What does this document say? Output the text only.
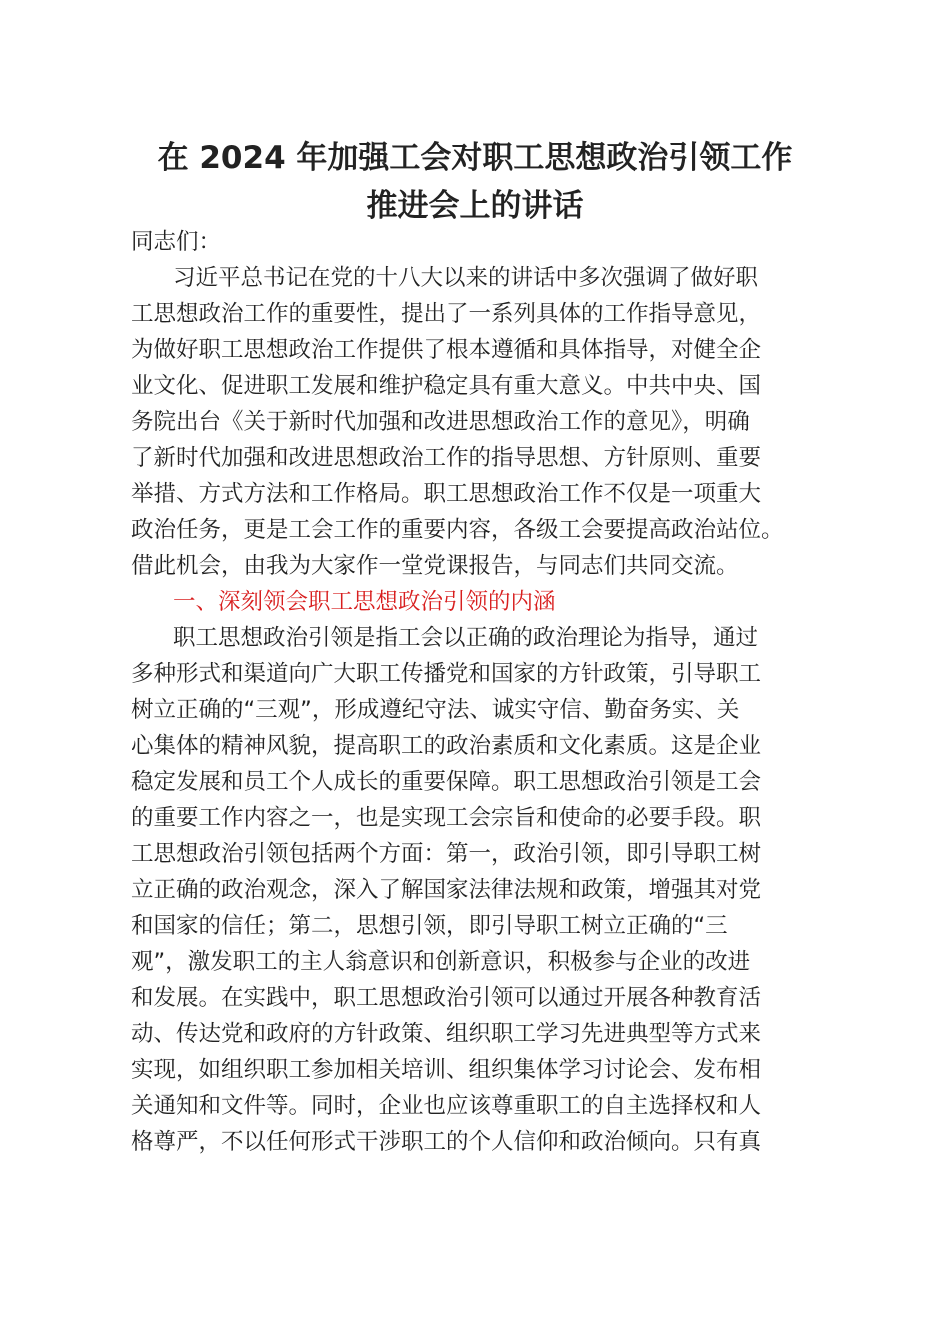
在 2024 年加强工会对职工思想政治引领工作
推进会上的讲话
同志们：
习近平总书记在党的十八大以来的讲话中多次强调了做好职
工思想政治工作的重要性，提出了一系列具体的工作指导意见，
为做好职工思想政治工作提供了根本遵循和具体指导，对健全企
业文化、促进职工发展和维护稳定具有重大意义。中共中央、国
务院出台《关于新时代加强和改进思想政治工作的意见》，明确
了新时代加强和改进思想政治工作的指导思想、方针原则、重要
举措、方式方法和工作格局。职工思想政治工作不仅是一项重大
政治任务，更是工会工作的重要内容，各级工会要提高政治站位。
借此机会，由我为大家作一堂党课报告，与同志们共同交流。
一、深刻领会职工思想政治引领的内涵
职工思想政治引领是指工会以正确的政治理论为指导，通过
多种形式和渠道向广大职工传播党和国家的方针政策，引导职工
树立正确的“三观”，形成遵纪守法、诚实守信、勤奋务实、关
心集体的精神风貌，提高职工的政治素质和文化素质。这是企业
稳定发展和员工个人成长的重要保障。职工思想政治引领是工会
的重要工作内容之一，也是实现工会宗旨和使命的必要手段。职
工思想政治引领包括两个方面：第一，政治引领，即引导职工树
立正确的政治观念，深入了解国家法律法规和政策，增强其对党
和国家的信任；第二，思想引领，即引导职工树立正确的“三
观”，激发职工的主人翁意识和创新意识，积极参与企业的改进
和发展。在实践中，职工思想政治引领可以通过开展各种教育活
动、传达党和政府的方针政策、组织职工学习先进典型等方式来
实现，如组织职工参加相关培训、组织集体学习讨论会、发布相
关通知和文件等。同时，企业也应该尊重职工的自主选择权和人
格尊严，不以任何形式干涉职工的个人信仰和政治倾向。只有真
